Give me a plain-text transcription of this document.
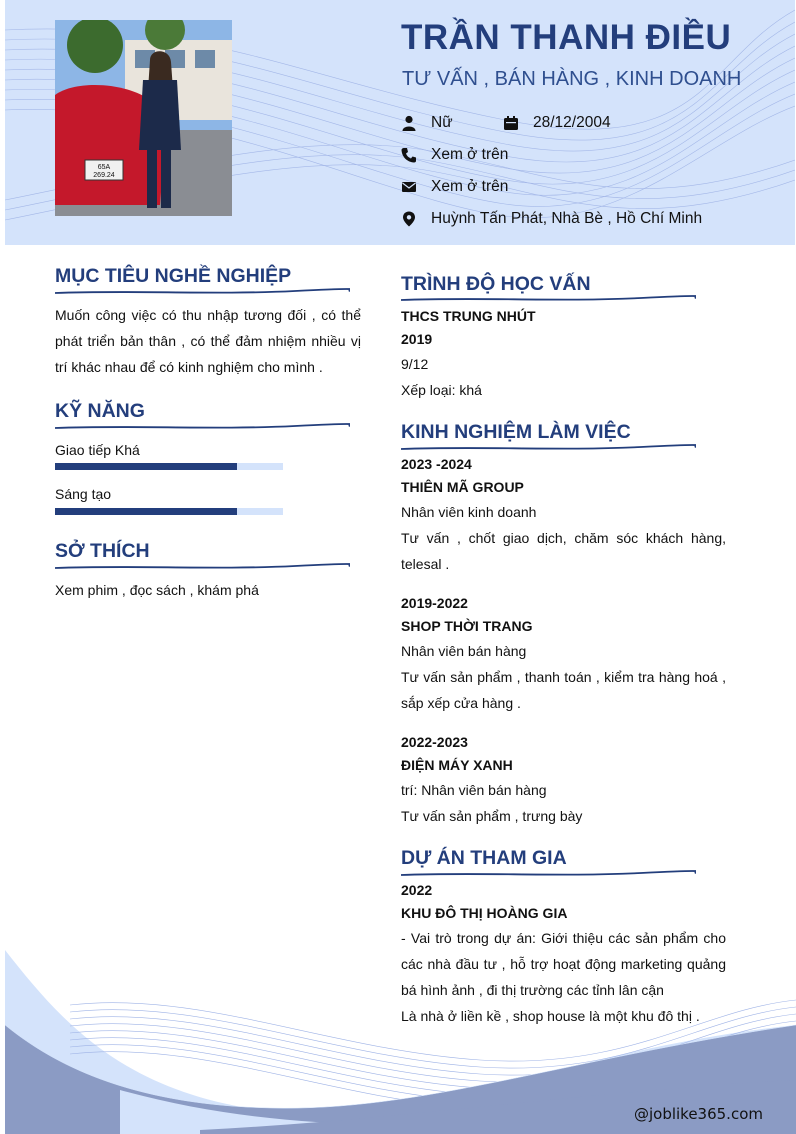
65A
269.24
TRẦN THANH ĐIỀU
TƯ VẤN , BÁN HÀNG , KINH DOANH
Nữ	28/12/2004
Xem ở trên
Xem ở trên
Huỳnh Tấn Phát, Nhà Bè , Hồ Chí Minh
MỤC TIÊU NGHỀ NGHIỆP
Muốn công việc có thu nhập tương đối , có thể phát triển bản thân , có thể đảm nhiệm nhiều vị trí khác nhau để có kinh nghiệm cho mình .
KỸ NĂNG
Giao tiếp Khá
Sáng tạo
SỞ THÍCH
Xem phim , đọc sách , khám phá
TRÌNH ĐỘ HỌC VẤN
THCS TRUNG NHÚT
2019
9/12
Xếp loại: khá
KINH NGHIỆM LÀM VIỆC
2023 -2024
THIÊN MÃ GROUP
Nhân viên kinh doanh
Tư vấn , chốt giao dịch, chăm sóc khách hàng, telesal .
2019-2022
SHOP THỜI TRANG
Nhân viên bán hàng
Tư vấn sản phẩm , thanh toán , kiểm tra hàng hoá , sắp xếp cửa hàng .
2022-2023
ĐIỆN MÁY XANH
trí: Nhân viên bán hàng
Tư vấn sản phẩm , trưng bày
DỰ ÁN THAM GIA
2022
KHU ĐÔ THỊ HOÀNG GIA
- Vai trò trong dự án: Giới thiệu các sản phẩm cho các nhà đầu tư , hỗ trợ hoạt động marketing quảng bá hình ảnh , đi thị trường các tỉnh lân cận
Là nhà ở liền kề , shop house là một khu đô thị .
@joblike365.com
